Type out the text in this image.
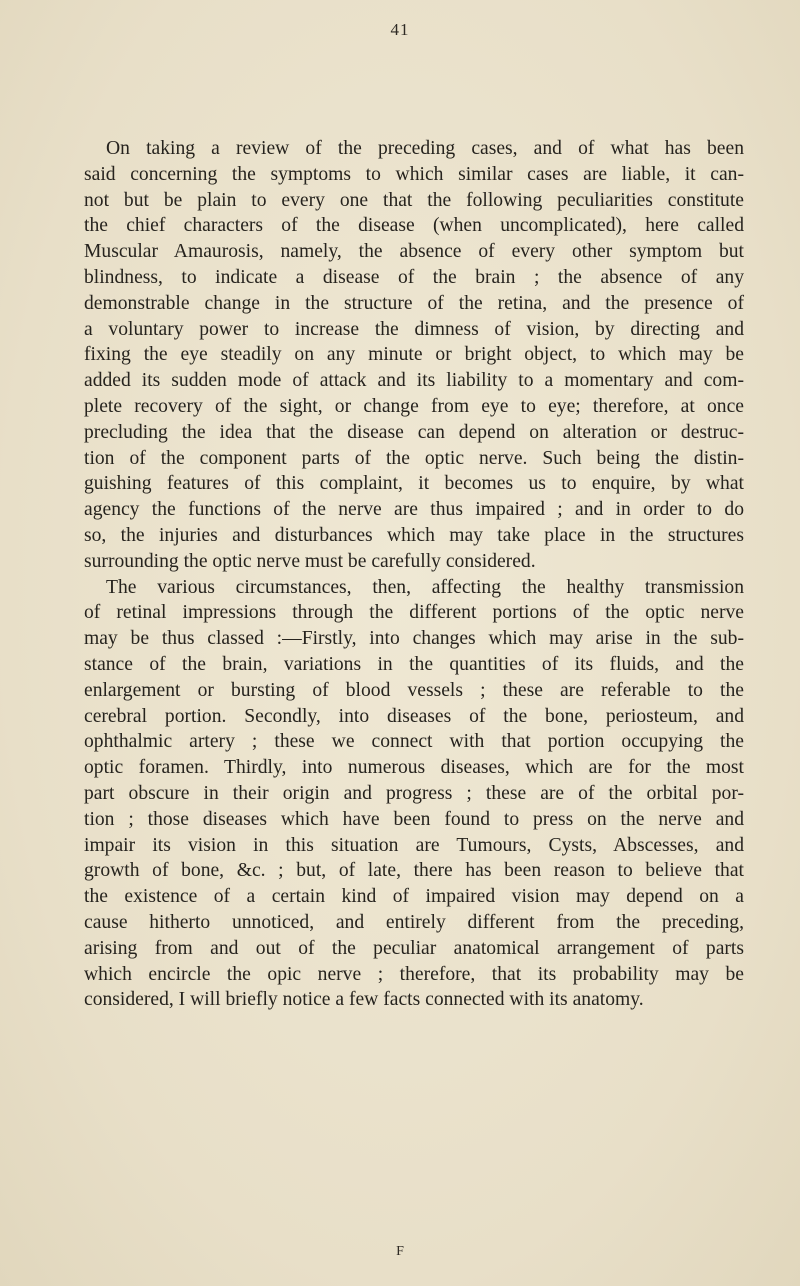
41
On taking a review of the preceding cases, and of what has been
said concerning the symptoms to which similar cases are liable, it can-
not but be plain to every one that the following peculiarities constitute
the chief characters of the disease (when uncomplicated), here called
Muscular Amaurosis, namely, the absence of every other symptom but
blindness, to indicate a disease of the brain ; the absence of any
demonstrable change in the structure of the retina, and the presence of
a voluntary power to increase the dimness of vision, by directing and
fixing the eye steadily on any minute or bright object, to which may be
added its sudden mode of attack and its liability to a momentary and com-
plete recovery of the sight, or change from eye to eye; therefore, at once
precluding the idea that the disease can depend on alteration or destruc-
tion of the component parts of the optic nerve. Such being the distin-
guishing features of this complaint, it becomes us to enquire, by what
agency the functions of the nerve are thus impaired ; and in order to do
so, the injuries and disturbances which may take place in the structures
surrounding the optic nerve must be carefully considered.
The various circumstances, then, affecting the healthy transmission
of retinal impressions through the different portions of the optic nerve
may be thus classed :—Firstly, into changes which may arise in the sub-
stance of the brain, variations in the quantities of its fluids, and the
enlargement or bursting of blood vessels ; these are referable to the
cerebral portion. Secondly, into diseases of the bone, periosteum, and
ophthalmic artery ; these we connect with that portion occupying the
optic foramen. Thirdly, into numerous diseases, which are for the most
part obscure in their origin and progress ; these are of the orbital por-
tion ; those diseases which have been found to press on the nerve and
impair its vision in this situation are Tumours, Cysts, Abscesses, and
growth of bone, &c. ; but, of late, there has been reason to believe that
the existence of a certain kind of impaired vision may depend on a
cause hitherto unnoticed, and entirely different from the preceding,
arising from and out of the peculiar anatomical arrangement of parts
which encircle the opic nerve ; therefore, that its probability may be
considered, I will briefly notice a few facts connected with its anatomy.
F
